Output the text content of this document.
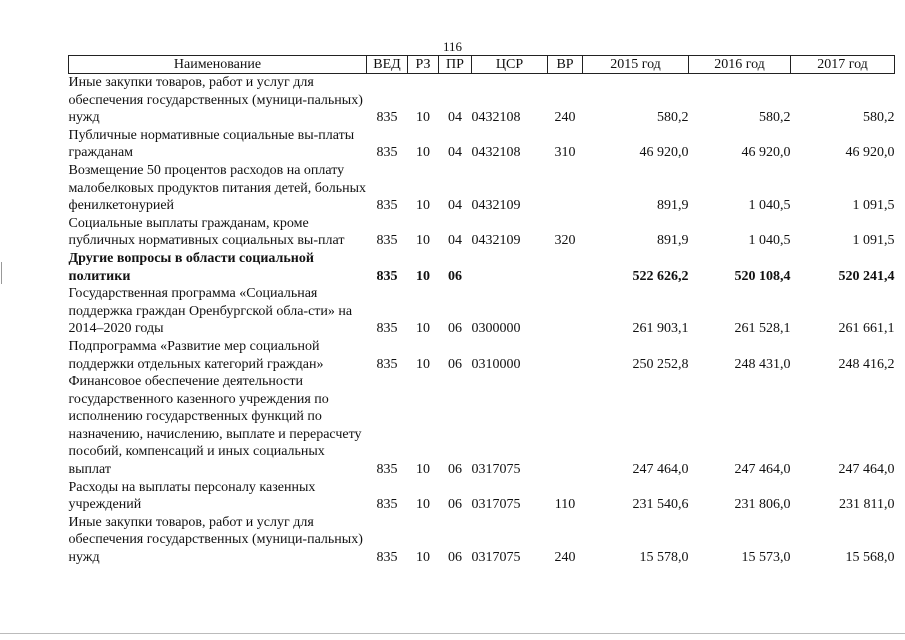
116
Наименование	ВЕД	РЗ	ПР	ЦСР	ВР	2015 год	2016 год	2017 год
Иные закупки товаров, работ и услуг для обеспечения государственных (муници-пальных) нужд	835	10	04	0432108	240	580,2	580,2	580,2
Публичные нормативные социальные вы-платы гражданам	835	10	04	0432108	310	46 920,0	46 920,0	46 920,0
Возмещение 50 процентов расходов на оплату малобелковых продуктов питания детей, больных фенилкетонурией	835	10	04	0432109		891,9	1 040,5	1 091,5
Социальные выплаты гражданам, кроме публичных нормативных социальных вы-плат	835	10	04	0432109	320	891,9	1 040,5	1 091,5
Другие вопросы в области социальной политики	835	10	06			522 626,2	520 108,4	520 241,4
Государственная программа «Социальная поддержка граждан Оренбургской обла-сти» на 2014–2020 годы	835	10	06	0300000		261 903,1	261 528,1	261 661,1
Подпрограмма «Развитие мер социальной поддержки отдельных категорий граждан»	835	10	06	0310000		250 252,8	248 431,0	248 416,2
Финансовое обеспечение деятельности государственного казенного учреждения по исполнению государственных функций по назначению, начислению, выплате и перерасчету пособий, компенсаций и иных социальных выплат	835	10	06	0317075		247 464,0	247 464,0	247 464,0
Расходы на выплаты персоналу казенных учреждений	835	10	06	0317075	110	231 540,6	231 806,0	231 811,0
Иные закупки товаров, работ и услуг для обеспечения государственных (муници-пальных) нужд	835	10	06	0317075	240	15 578,0	15 573,0	15 568,0
